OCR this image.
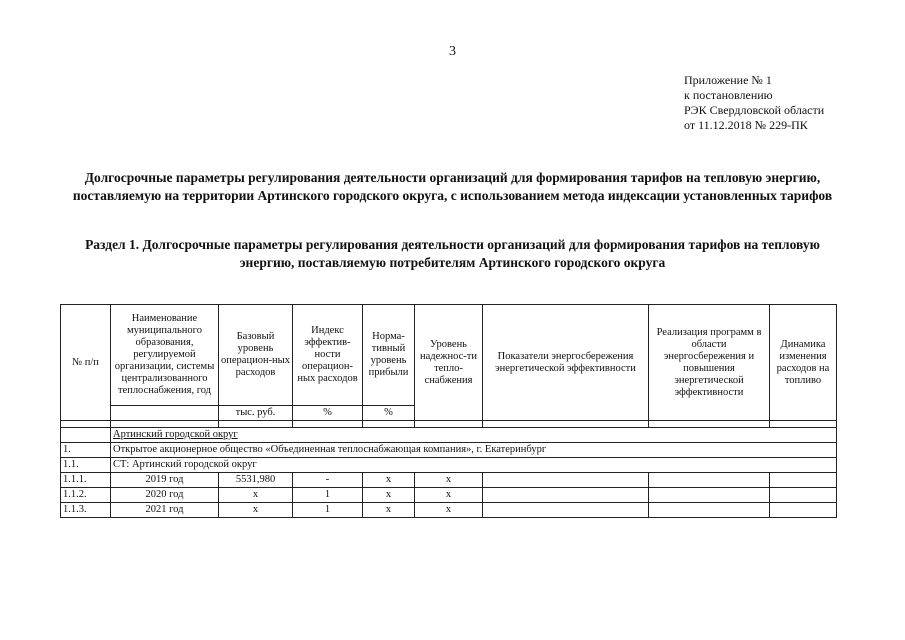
3
Приложение № 1
к постановлению
РЭК Свердловской области
от 11.12.2018 № 229-ПК
Долгосрочные параметры регулирования деятельности организаций для формирования тарифов на тепловую энергию, поставляемую на территории Артинского городского округа, с использованием метода индексации установленных тарифов
Раздел 1. Долгосрочные параметры регулирования деятельности организаций для формирования тарифов на тепловую энергию, поставляемую потребителям Артинского городского округа
№ п/п	Наименование муниципального образования, регулируемой организации, системы централизованного теплоснабжения, год	Базовый уровень операцион-ных расходов	Индекс эффектив-ности операцион-ных расходов	Норма-тивный уровень прибыли	Уровень надежнос-ти тепло-снабжения	Показатели энергосбережения энергетической эффективности	Реализация программ в области энергосбережения и повышения энергетической эффективности	Динамика изменения расходов на топливо
		тыс. руб.	%	%				

	Артинский городской округ							
1.	Открытое акционерное общество «Объединенная теплоснабжающая компания», г. Екатеринбург							
1.1.	СТ: Артинский городской округ							
1.1.1.	2019 год	5531,980	-	х	х			
1.1.2.	2020 год	х	1	х	х			
1.1.3.	2021 год	х	1	х	х			
